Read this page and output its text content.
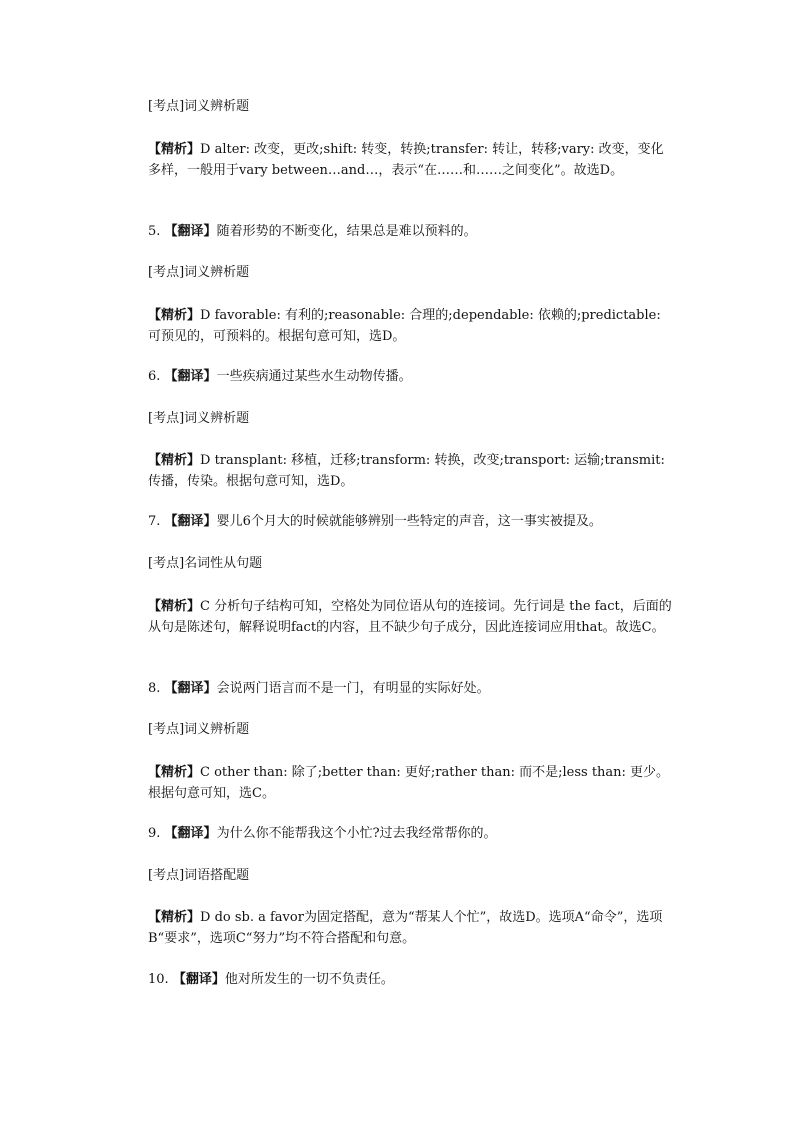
[考点]词义辨析题
【精析】D alter: 改变，更改;shift: 转变，转换;transfer: 转让，转移;vary: 改变，变化多样，一般用于vary between…and…，表示“在……和……之间变化”。故选D。
5. 【翻译】随着形势的不断变化，结果总是难以预料的。
[考点]词义辨析题
【精析】D favorable: 有利的;reasonable: 合理的;dependable: 依赖的;predictable: 可预见的，可预料的。根据句意可知，选D。
6. 【翻译】一些疾病通过某些水生动物传播。
[考点]词义辨析题
【精析】D transplant: 移植，迁移;transform: 转换，改变;transport: 运输;transmit: 传播，传染。根据句意可知，选D。
7. 【翻译】婴儿6个月大的时候就能够辨别一些特定的声音，这一事实被提及。
[考点]名词性从句题
【精析】C 分析句子结构可知，空格处为同位语从句的连接词。先行词是 the fact，后面的从句是陈述句，解释说明fact的内容，且不缺少句子成分，因此连接词应用that。故选C。
8. 【翻译】会说两门语言而不是一门，有明显的实际好处。
[考点]词义辨析题
【精析】C other than: 除了;better than: 更好;rather than: 而不是;less than: 更少。根据句意可知，选C。
9. 【翻译】为什么你不能帮我这个小忙?过去我经常帮你的。
[考点]词语搭配题
【精析】D do sb. a favor为固定搭配，意为“帮某人个忙”，故选D。选项A“命令”，选项B“要求”，选项C“努力”均不符合搭配和句意。
10. 【翻译】他对所发生的一切不负责任。
